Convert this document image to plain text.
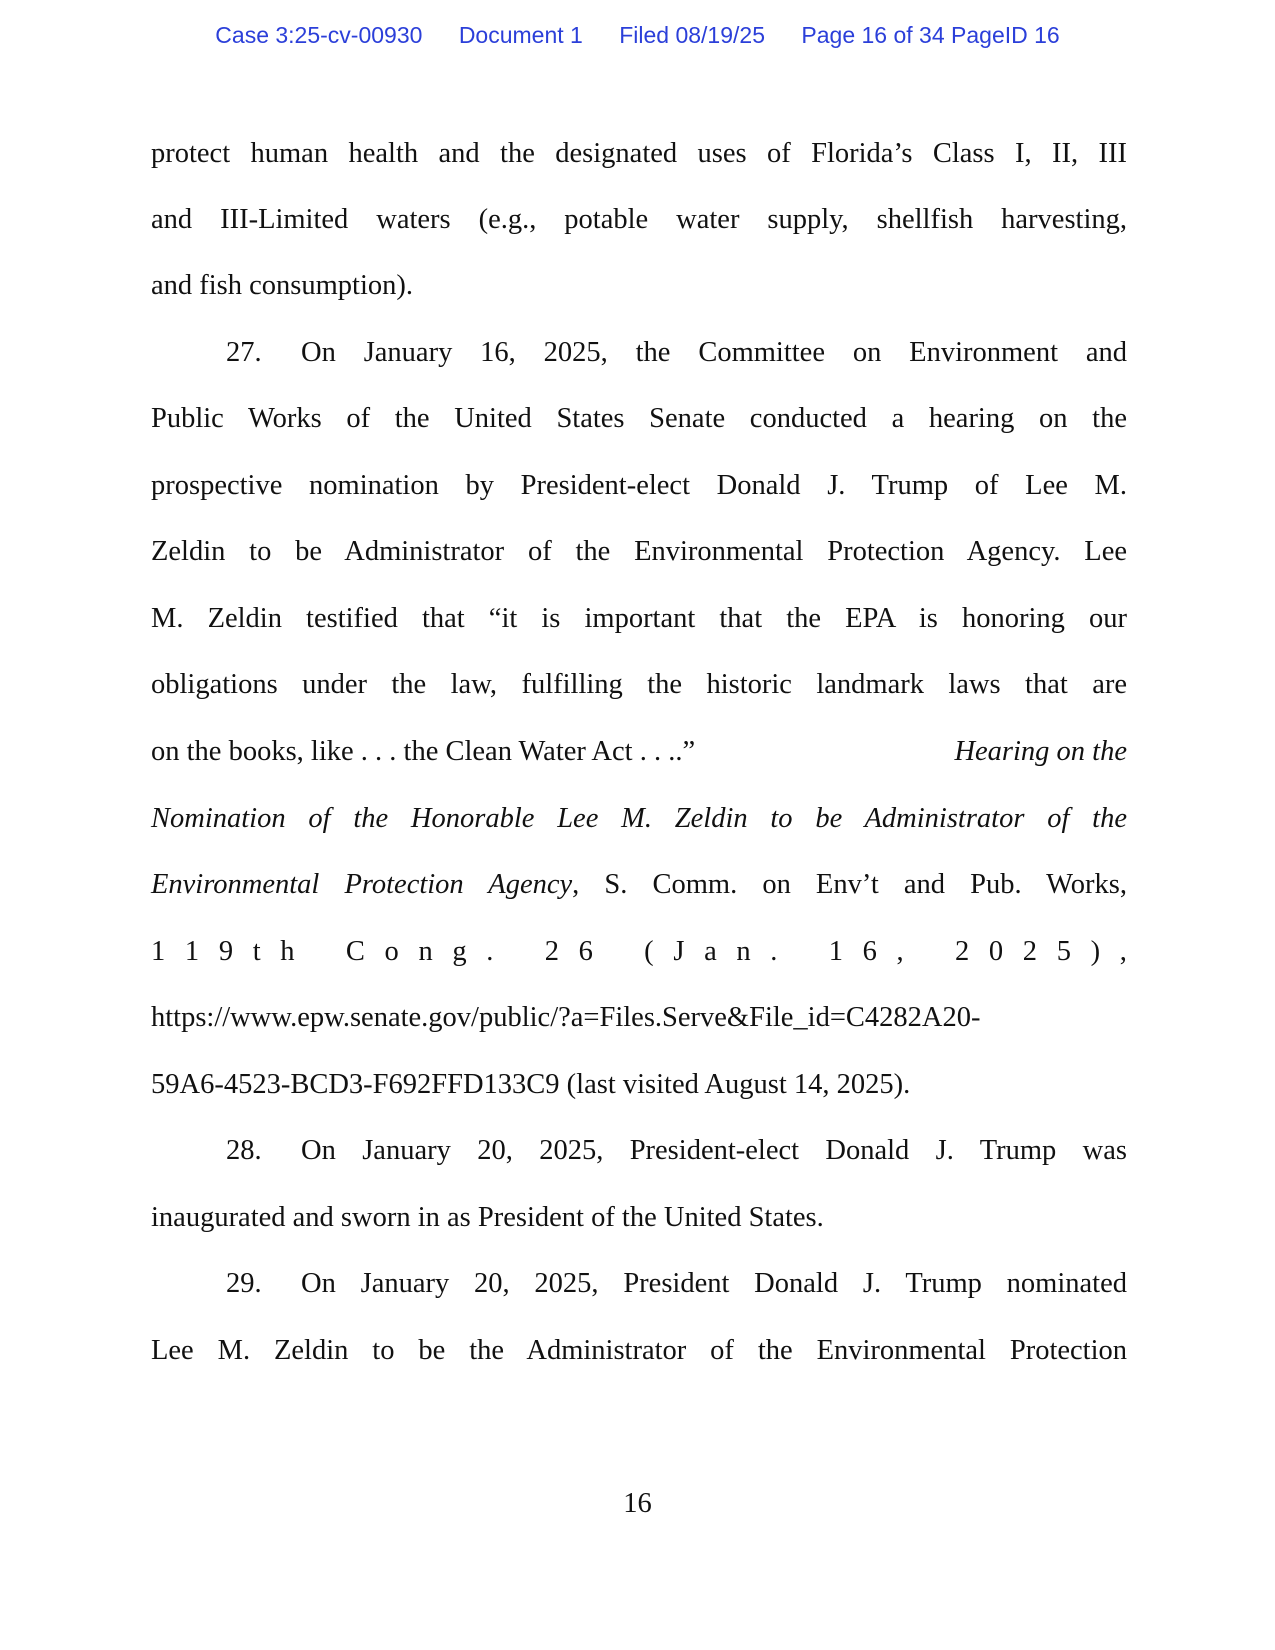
Case 3:25-cv-00930 Document 1 Filed 08/19/25 Page 16 of 34 PageID 16
protect human health and the designated uses of Florida’s Class I, II, III
and III-Limited waters (e.g., potable water supply, shellfish harvesting,
and fish consumption).
27. On January 16, 2025, the Committee on Environment and
Public Works of the United States Senate conducted a hearing on the
prospective nomination by President-elect Donald J. Trump of Lee M.
Zeldin to be Administrator of the Environmental Protection Agency. Lee
M. Zeldin testified that “it is important that the EPA is honoring our
obligations under the law, fulfilling the historic landmark laws that are
on the books, like . . . the Clean Water Act . . ..”	Hearing on the
Nomination of the Honorable Lee M. Zeldin to be Administrator of the
Environmental Protection Agency, S. Comm. on Env’t and Pub. Works,
1 1 9 t h C o n g . 2 6 ( J a n . 1 6 , 2 0 2 5 ) ,
https://www.epw.senate.gov/public/?a=Files.Serve&File_id=C4282A20-
59A6-4523-BCD3-F692FFD133C9 (last visited August 14, 2025).
28. On January 20, 2025, President-elect Donald J. Trump was
inaugurated and sworn in as President of the United States.
29. On January 20, 2025, President Donald J. Trump nominated
Lee M. Zeldin to be the Administrator of the Environmental Protection
16
